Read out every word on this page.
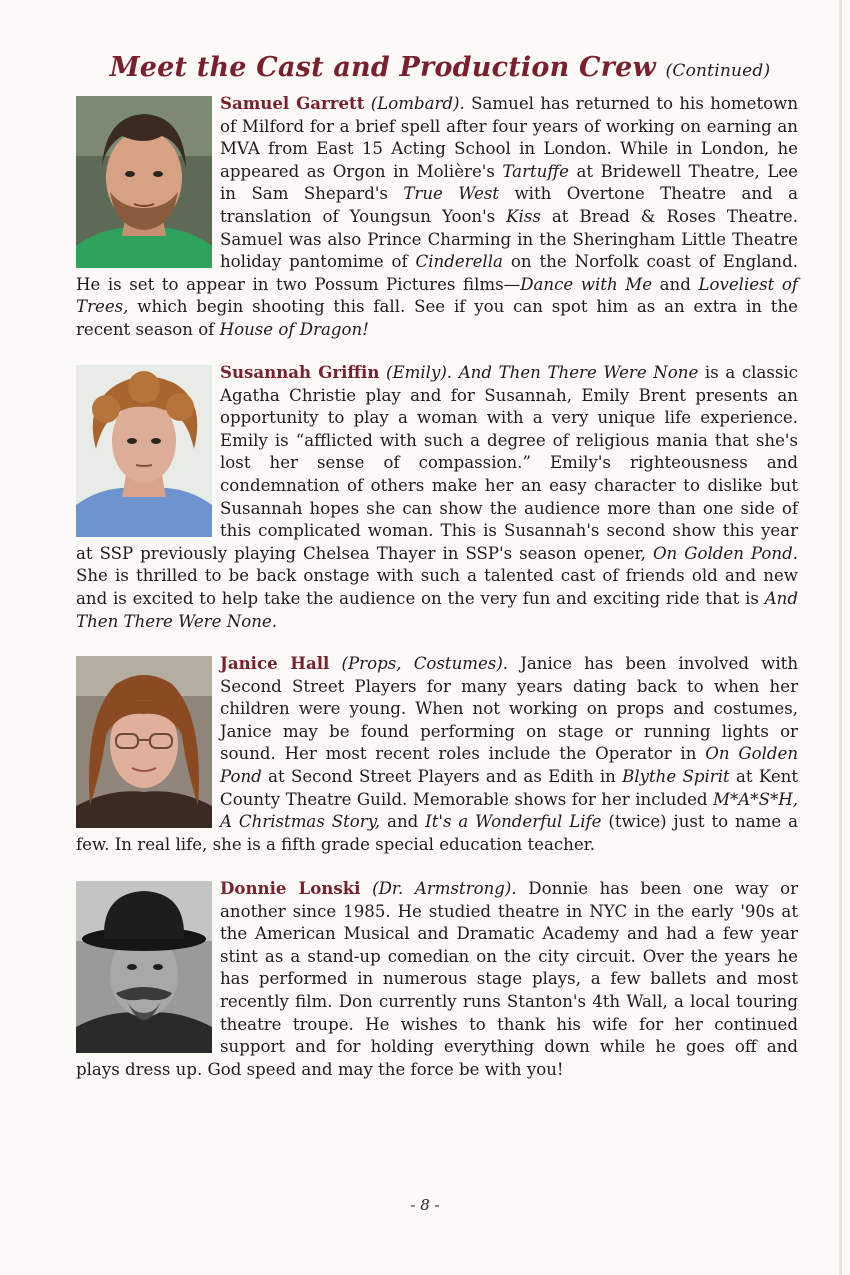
Meet the Cast and Production Crew (Continued)
Samuel Garrett (Lombard). Samuel has returned to his hometown of Milford for a brief spell after four years of working on earning an MVA from East 15 Acting School in London. While in London, he appeared as Orgon in Molière's Tartuffe at Bridewell Theatre, Lee in Sam Shepard's True West with Overtone Theatre and a translation of Youngsun Yoon's Kiss at Bread & Roses Theatre. Samuel was also Prince Charming in the Sheringham Little Theatre holiday pantomime of Cinderella on the Norfolk coast of England. He is set to appear in two Possum Pictures films—Dance with Me and Loveliest of Trees, which begin shooting this fall. See if you can spot him as an extra in the recent season of House of Dragon!
Susannah Griffin (Emily). And Then There Were None is a classic Agatha Christie play and for Susannah, Emily Brent presents an opportunity to play a woman with a very unique life experience. Emily is “afflicted with such a degree of religious mania that she's lost her sense of compassion.” Emily's righteousness and condemnation of others make her an easy character to dislike but Susannah hopes she can show the audience more than one side of this complicated woman. This is Susannah's second show this year at SSP previously playing Chelsea Thayer in SSP's season opener, On Golden Pond. She is thrilled to be back onstage with such a talented cast of friends old and new and is excited to help take the audience on the very fun and exciting ride that is And Then There Were None.
Janice Hall (Props, Costumes). Janice has been involved with Second Street Players for many years dating back to when her children were young. When not working on props and costumes, Janice may be found performing on stage or running lights or sound. Her most recent roles include the Operator in On Golden Pond at Second Street Players and as Edith in Blythe Spirit at Kent County Theatre Guild. Memorable shows for her included M*A*S*H, A Christmas Story, and It's a Wonderful Life (twice) just to name a few. In real life, she is a fifth grade special education teacher.
Donnie Lonski (Dr. Armstrong). Donnie has been one way or another since 1985. He studied theatre in NYC in the early '90s at the American Musical and Dramatic Academy and had a few year stint as a stand-up comedian on the city circuit. Over the years he has performed in numerous stage plays, a few ballets and most recently film. Don currently runs Stanton's 4th Wall, a local touring theatre troupe. He wishes to thank his wife for her continued support and for holding everything down while he goes off and plays dress up. God speed and may the force be with you!
- 8 -
